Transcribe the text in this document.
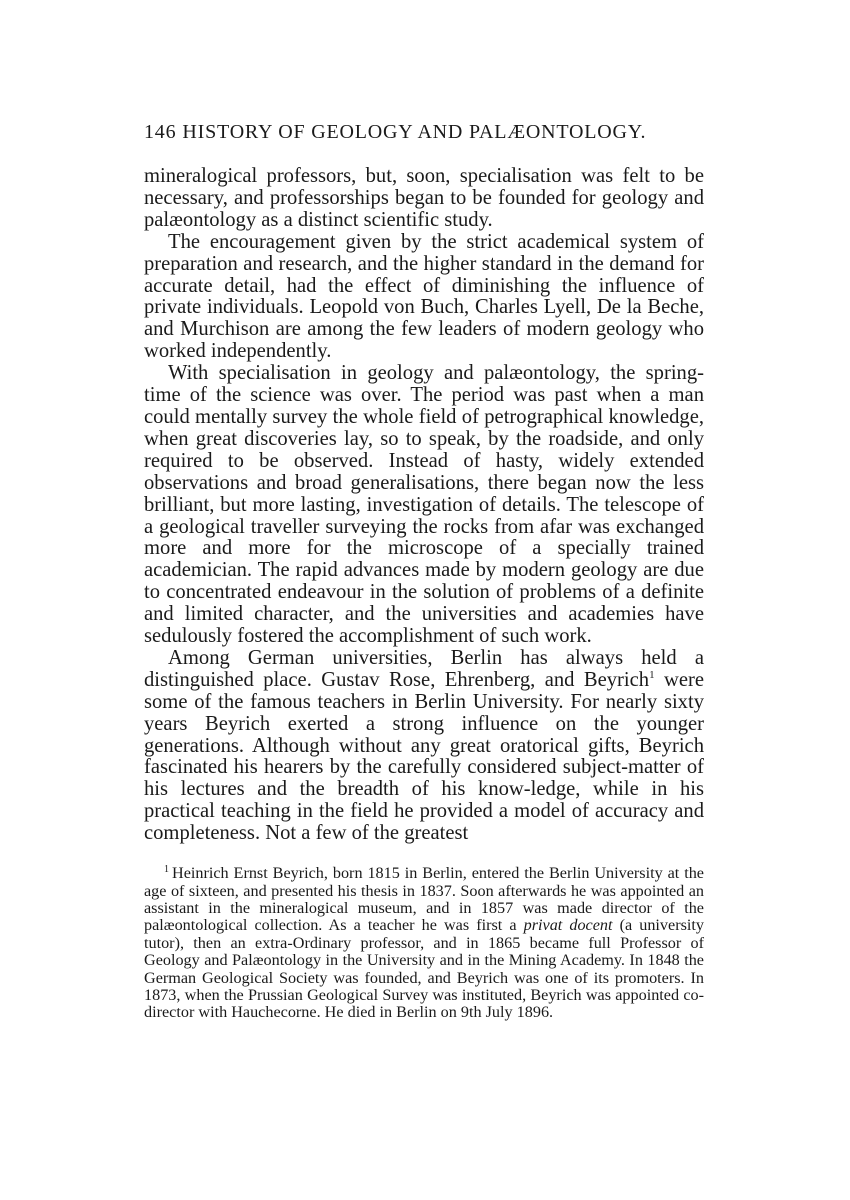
146 HISTORY OF GEOLOGY AND PALÆONTOLOGY.

mineralogical professors, but, soon, specialisation was felt to be necessary, and professorships began to be founded for geology and palæontology as a distinct scientific study.

The encouragement given by the strict academical system of preparation and research, and the higher standard in the demand for accurate detail, had the effect of diminishing the influence of private individuals. Leopold von Buch, Charles Lyell, De la Beche, and Murchison are among the few leaders of modern geology who worked independently.

With specialisation in geology and palæontology, the spring-time of the science was over. The period was past when a man could mentally survey the whole field of petrographical knowledge, when great discoveries lay, so to speak, by the roadside, and only required to be observed. Instead of hasty, widely extended observations and broad generalisations, there began now the less brilliant, but more lasting, investigation of details. The telescope of a geological traveller surveying the rocks from afar was exchanged more and more for the microscope of a specially trained academician. The rapid advances made by modern geology are due to concentrated endeavour in the solution of problems of a definite and limited character, and the universities and academies have sedulously fostered the accomplishment of such work.

Among German universities, Berlin has always held a distinguished place. Gustav Rose, Ehrenberg, and Beyrich$^1$ were some of the famous teachers in Berlin University. For nearly sixty years Beyrich exerted a strong influence on the younger generations. Although without any great oratorical gifts, Beyrich fascinated his hearers by the carefully considered subject-matter of his lectures and the breadth of his know-ledge, while in his practical teaching in the field he provided a model of accuracy and completeness. Not a few of the greatest

$^1$ Heinrich Ernst Beyrich, born 1815 in Berlin, entered the Berlin University at the age of sixteen, and presented his thesis in 1837. Soon afterwards he was appointed an assistant in the mineralogical museum, and in 1857 was made director of the palæontological collection. As a teacher he was first a privat docent (a university tutor), then an extra-Ordinary professor, and in 1865 became full Professor of Geology and Palæontology in the University and in the Mining Academy. In 1848 the German Geological Society was founded, and Beyrich was one of its promoters. In 1873, when the Prussian Geological Survey was instituted, Beyrich was appointed co-director with Hauchecorne. He died in Berlin on 9th July 1896.
